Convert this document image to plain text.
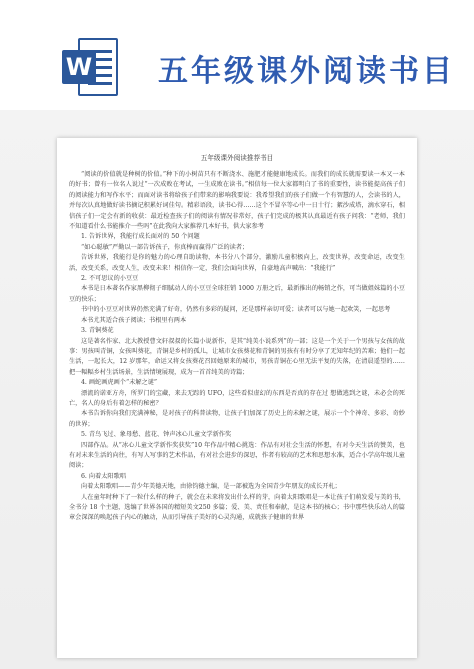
W 五年级课外阅读书目
五年级课外阅读推荐书目

“阅读的价值就是种树的价值。”种下的小树苗只有不断浇水、施肥才能健康地成长。而我们的成长就需要读一本又一本的好书；曾有一位名人说过“一次成败在考试，一生成败在读书。”相信每一位大家都明白了书的重要性，读书能提高孩子们的阅读能力和写作水平；而面对读书将给孩子们带来的影响我要说：我希望我们的孩子们做一个有智慧的人，会读书的人，并每次认真地做好读书摘记积累好词佳句。精彩语段，读书心得……这个不冒卒等心中一日十行；絮沙成塔，滴水穿石，相信孩子们一定会有新的收获：最近检查孩子们的阅读有情况非常好，孩子们完成的极其认真最近有孩子问我：“老师，我们不知道看什么书能推介一些吗”在此我向大家推荐几本好书，供大家参考

1. 告诉世界，我能行成长面对的 50 个问题

“如心聪敏”严勤以一部告诉孩子，你真棒而赢得广泛的读者；

告诉世界，我能行是你的魅力的心理自助读物，本书分八个部分，激励儿童积极向上，改变世界，改变命运，改变生活，改变关系，改变人生，改变未来！相信你一定，我们会面向世界，自豪地高声喊出：“我能行”

2. 不可思议的小豆豆

本书是日本著名作家黑柳彻子细腻动人的小豆豆全球狂销 1000 万册之后，最新推出的畅销之作，可当做姐妹篇的小豆豆的快乐；

书中的小豆豆对世界仍然充满了好奇，仍然有多彩的疑问，还是那样亲切可爱；读者可以与她一起欢笑，一起思考

本书尤其适合孩子阅读；书根里有两本

3. 青铜葵花

这是著名作家、北大教授曹文轩叔叔的长篇小说新作，是其“纯美小说系列”的一部；这是一个关于一个男孩与女孩的故事：男孩叫青铜，女孩叫葵花，青铜是乡村的孤儿，让城市女孩葵花和青铜的男孩有有时分享了无知年纪的苦难；他们一起生活，一起长大，12 岁那年，命运又将女孩葵花召回她原来的城市，男孩青铜在心里无法平复的失落，在清晨遥望的……把一幅幅乡村生活场景，生活情境展现，成为一首首纯美的诗篇；

4. 画蛇画虎画个“未解之谜”

漂流的诺亚方舟，所罗门的宝藏，来去无踪的 UFO，这些看似虚幻的东西是否真的存在过 想做逃到之谜，未必会的死亡，名人的身后有着怎样的秘密？

本书告诉你向我们充满神秘，是对孩子的科普读物，让孩子们加深了历史上的未解之谜，展示一个个神奇、多彩、奇妙的世界；

5. 青鸟飞过、象母愁、蓝花、钟声冰心儿童文学新作奖

四部作品。从“冰心儿童文学新作奖获奖”10 年作品中精心挑选：作品有对社会生活的怀想，有对今天生活的赞美，也有对未来生活的向往，有写人写事的艺术作品，有对社会进步的深思，作者有较高的艺术和思想水准，适合小学高年级儿童阅读；

6. 向着太阳歌唱

向着太阳歌唱——青少年美德天地，由徐钧德主编，是一部被选为全国青少年朋友的成长开札；

人在童年时种下了一粒什么样的种子，就会在未来将发出什么样的芽，向着太阳歌唱是一本让孩子们萌发爱与美的书，全书分 18 个主题，选编了世界各国的精短美文250 多篇；爱、美、责任和奉献，是这本书的核心；书中那些快乐动人的篇章会深深的唤起孩子内心的触动，从而引导孩子美好的心灵沟通，成就孩子健康的世界
